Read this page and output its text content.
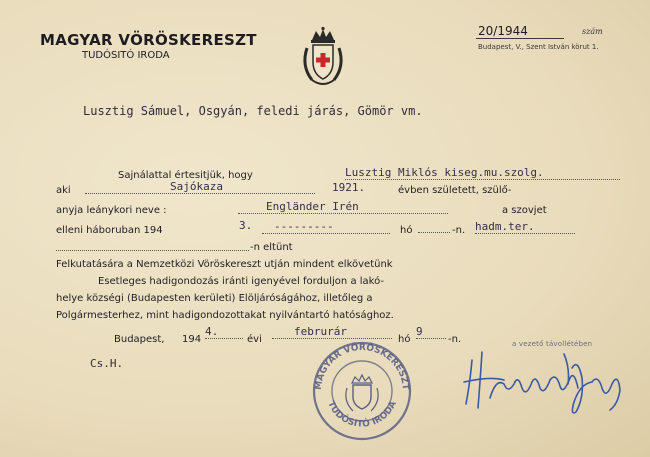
MAGYAR VÖRÖSKERESZT
TUDÓSITÓ IRODA
20/1944	szám
Budapest, V., Szent István körut 1.
Lusztig Sámuel, Osgyán, feledi járás, Gömör vm.
Sajnálattal értesitjük, hogy	Lusztig Miklós kiseg.mu.szolg.
aki	Sajókaza	1921.	évben született, szülő-
anyja leánykori neve :	Engländer Irén	a szovjet
elleni háboruban 194	3.	---------	hó	-n. hadm.ter.
-n eltünt
Felkutatására a Nemzetközi Vöröskereszt utján mindent elkövetünk
Esetleges hadigondozás iránti igenyével forduljon a lakó-
helye községi (Budapesten kerületi) Elöljáróságához, illetőleg a
Polgármesterhez, mint hadigondozottakat nyilvántartó hatósághoz.
Budapest, 194
4.
évi
februrár
hó
9
-n.
Cs.H.
MAGYAR VÖRÖSKERESZT
TUDÓSITÓ IRODA
a vezető távollétében
